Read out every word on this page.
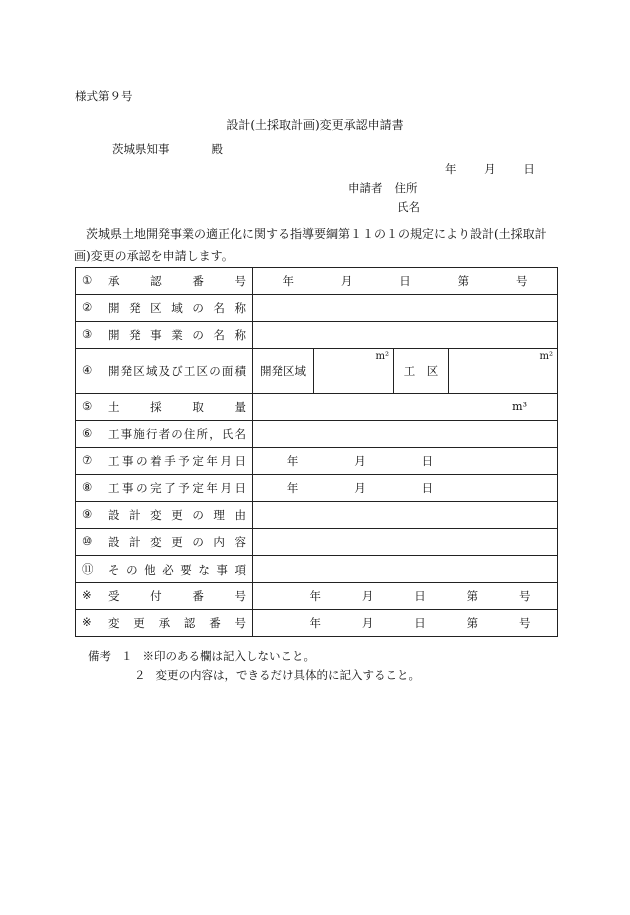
様式第９号
設計(土採取計画)変更承認申請書
茨城県知事	殿
年 月 日
申請者 住所
氏名
茨城県土地開発事業の適正化に関する指導要綱第１１の１の規定により設計(土採取計画)変更の承認を申請します。
① 承認番号	年 月 日 第 号			

② 開発区域の名称				
③ 開発事業の名称				
④ 開発区域及び工区の面積	開発区域	m²	工　区	m²

⑤ 土採取量	m³			

⑥ 工事施行者の住所，氏名				
⑦ 工事の着手予定年月日	年 月 日			

⑧ 工事の完了予定年月日	年 月 日			

⑨ 設計変更の理由				
⑩ 設計変更の内容				
⑪ その他必要な事項				
※ 受付番号	年 月 日 第 号			

※ 変更承認番号	年 月 日 第 号			
備考 １ ※印のある欄は記入しないこと。
２ 変更の内容は，できるだけ具体的に記入すること。
